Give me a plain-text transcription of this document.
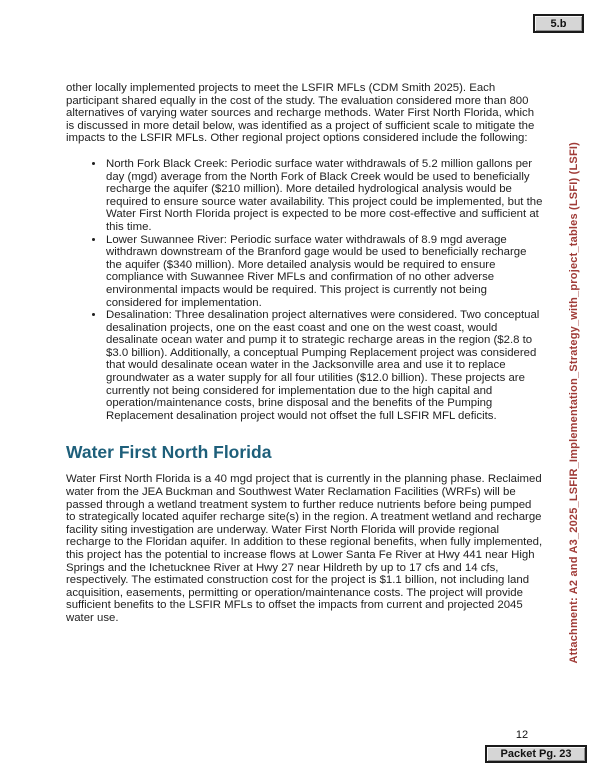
5.b

other locally implemented projects to meet the LSFIR MFLs (CDM Smith 2025). Each participant shared equally in the cost of the study. The evaluation considered more than 800 alternatives of varying water sources and recharge methods. Water First North Florida, which is discussed in more detail below, was identified as a project of sufficient scale to mitigate the impacts to the LSFIR MFLs. Other regional project options considered include the following:

• North Fork Black Creek: Periodic surface water withdrawals of 5.2 million gallons per day (mgd) average from the North Fork of Black Creek would be used to beneficially recharge the aquifer ($210 million). More detailed hydrological analysis would be required to ensure source water availability. This project could be implemented, but the Water First North Florida project is expected to be more cost-effective and sufficient at this time.
• Lower Suwannee River: Periodic surface water withdrawals of 8.9 mgd average withdrawn downstream of the Branford gage would be used to beneficially recharge the aquifer ($340 million). More detailed analysis would be required to ensure compliance with Suwannee River MFLs and confirmation of no other adverse environmental impacts would be required. This project is currently not being considered for implementation.
• Desalination: Three desalination project alternatives were considered. Two conceptual desalination projects, one on the east coast and one on the west coast, would desalinate ocean water and pump it to strategic recharge areas in the region ($2.8 to $3.0 billion). Additionally, a conceptual Pumping Replacement project was considered that would desalinate ocean water in the Jacksonville area and use it to replace groundwater as a water supply for all four utilities ($12.0 billion). These projects are currently not being considered for implementation due to the high capital and operation/maintenance costs, brine disposal and the benefits of the Pumping Replacement desalination project would not offset the full LSFIR MFL deficits.
Water First North Florida

Water First North Florida is a 40 mgd project that is currently in the planning phase. Reclaimed water from the JEA Buckman and Southwest Water Reclamation Facilities (WRFs) will be passed through a wetland treatment system to further reduce nutrients before being pumped to strategically located aquifer recharge site(s) in the region. A treatment wetland and recharge facility siting investigation are underway. Water First North Florida will provide regional recharge to the Floridan aquifer. In addition to these regional benefits, when fully implemented, this project has the potential to increase flows at Lower Santa Fe River at Hwy 441 near High Springs and the Ichetucknee River at Hwy 27 near Hildreth by up to 17 cfs and 14 cfs, respectively. The estimated construction cost for the project is $1.1 billion, not including land acquisition, easements, permitting or operation/maintenance costs. The project will provide sufficient benefits to the LSFIR MFLs to offset the impacts from current and projected 2045 water use.	Attachment: A2 and A3_2025_LSFIR_Implementation_Strategy_with_project_tables (LSFI) (LSFI)
12
Packet Pg. 23
